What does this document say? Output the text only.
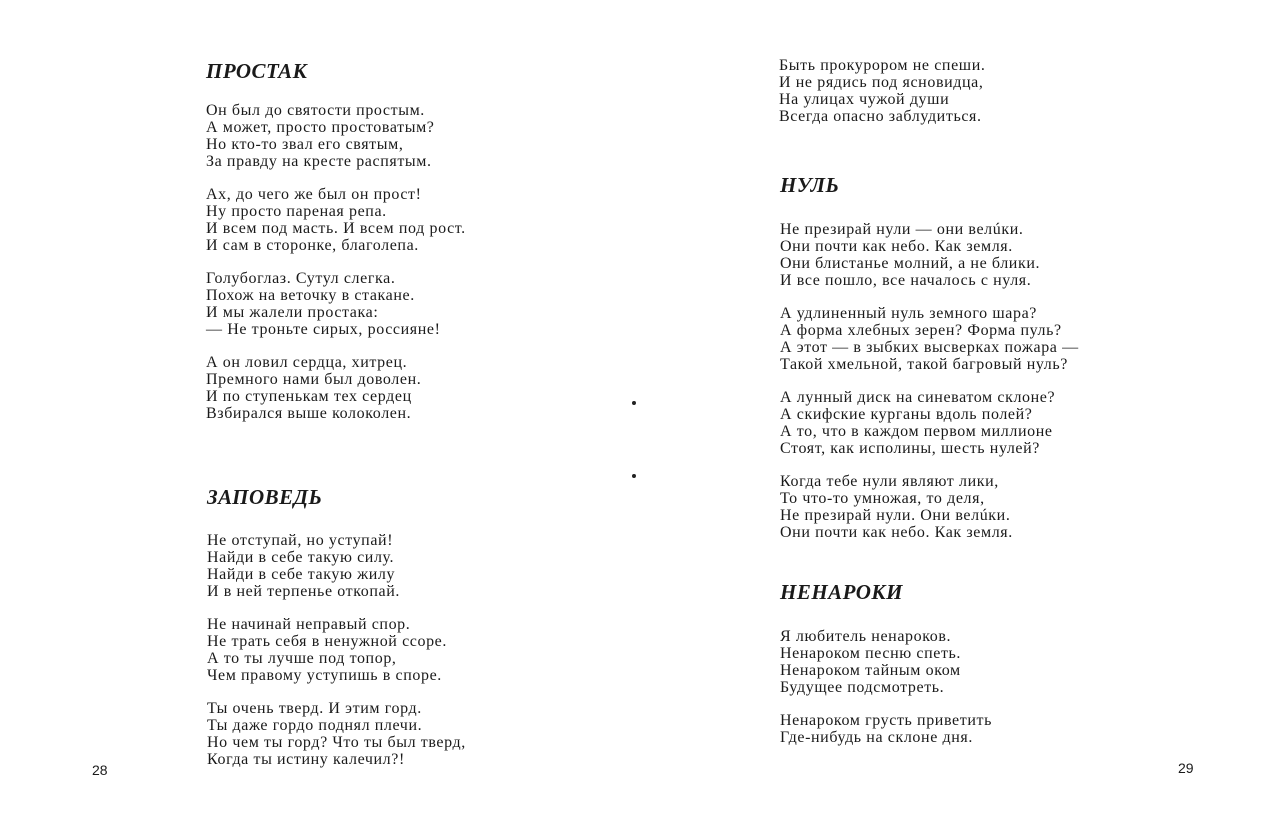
ПРОСТАК
Он был до святости простым.
А может, просто простоватым?
Но кто-то звал его святым,
За правду на кресте распятым.
Ах, до чего же был он прост!
Ну просто пареная репа.
И всем под масть. И всем под рост.
И сам в сторонке, благолепа.
Голубоглаз. Сутул слегка.
Похож на веточку в стакане.
И мы жалели простака:
— Не троньте сирых, россияне!
А он ловил сердца, хитрец.
Премного нами был доволен.
И по ступенькам тех сердец
Взбирался выше колоколен.
ЗАПОВЕДЬ
Не отступай, но уступай!
Найди в себе такую силу.
Найди в себе такую жилу
И в ней терпенье откопай.
Не начинай неправый спор.
Не трать себя в ненужной ссоре.
А то ты лучше под топор,
Чем правому уступишь в споре.
Ты очень тверд. И этим горд.
Ты даже гордо поднял плечи.
Но чем ты горд? Что ты был тверд,
Когда ты истину калечил?!
28
Быть прокурором не спеши.
И не рядись под ясновидца,
На улицах чужой души
Всегда опасно заблудиться.
НУЛЬ
Не презирай нули — они велúки.
Они почти как небо. Как земля.
Они блистанье молний, а не блики.
И все пошло, все началось с нуля.
А удлиненный нуль земного шара?
А форма хлебных зерен? Форма пуль?
А этот — в зыбких высверках пожара —
Такой хмельной, такой багровый нуль?
А лунный диск на синеватом склоне?
А скифские курганы вдоль полей?
А то, что в каждом первом миллионе
Стоят, как исполины, шесть нулей?
Когда тебе нули являют лики,
То что-то умножая, то деля,
Не презирай нули. Они велúки.
Они почти как небо. Как земля.
НЕНАРОКИ
Я любитель ненароков.
Ненароком песню спеть.
Ненароком тайным оком
Будущее подсмотреть.
Ненароком грусть приветить
Где-нибудь на склоне дня.
29
